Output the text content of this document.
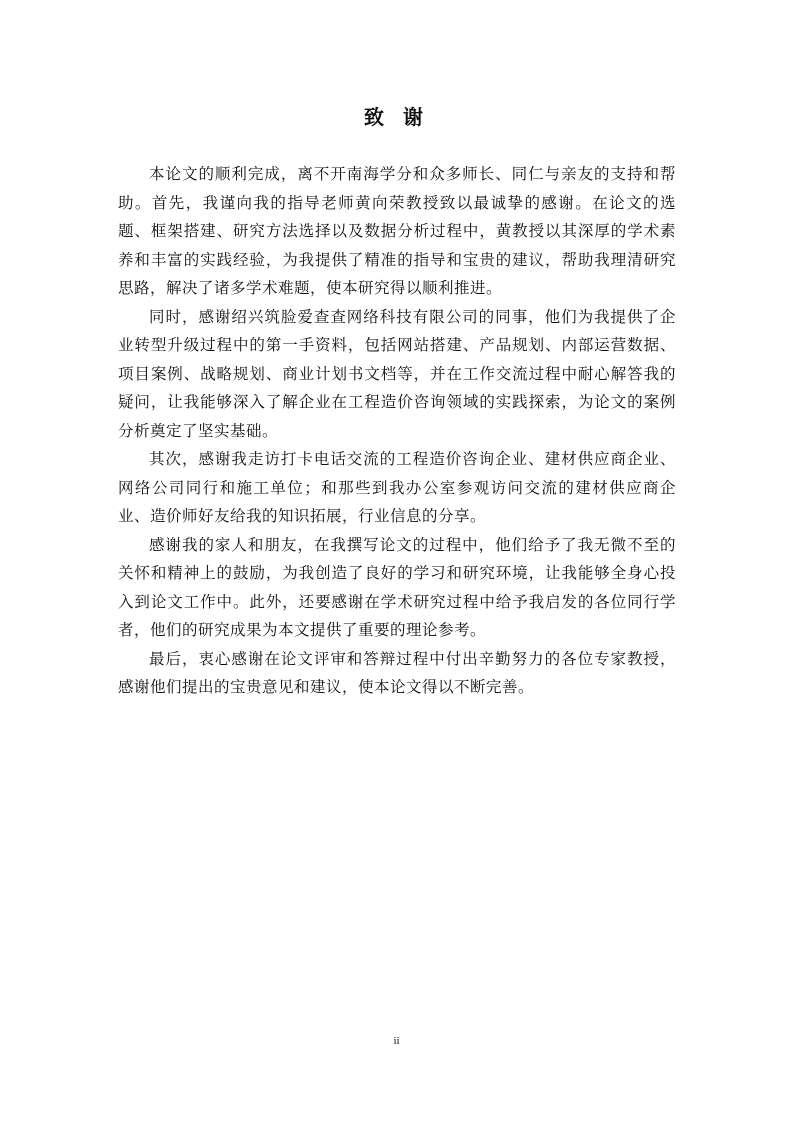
致 谢

本论文的顺利完成，离不开南海学分和众多师长、同仁与亲友的支持和帮助。首先，我谨向我的指导老师黄向荣教授致以最诚挚的感谢。在论文的选题、框架搭建、研究方法选择以及数据分析过程中，黄教授以其深厚的学术素养和丰富的实践经验，为我提供了精准的指导和宝贵的建议，帮助我理清研究思路，解决了诸多学术难题，使本研究得以顺利推进。

同时，感谢绍兴筑脸爱查查网络科技有限公司的同事，他们为我提供了企业转型升级过程中的第一手资料，包括网站搭建、产品规划、内部运营数据、项目案例、战略规划、商业计划书文档等，并在工作交流过程中耐心解答我的疑问，让我能够深入了解企业在工程造价咨询领域的实践探索，为论文的案例分析奠定了坚实基础。

其次，感谢我走访打卡电话交流的工程造价咨询企业、建材供应商企业、网络公司同行和施工单位；和那些到我办公室参观访问交流的建材供应商企业、造价师好友给我的知识拓展，行业信息的分享。

感谢我的家人和朋友，在我撰写论文的过程中，他们给予了我无微不至的关怀和精神上的鼓励，为我创造了良好的学习和研究环境，让我能够全身心投入到论文工作中。此外，还要感谢在学术研究过程中给予我启发的各位同行学者，他们的研究成果为本文提供了重要的理论参考。

最后，衷心感谢在论文评审和答辩过程中付出辛勤努力的各位专家教授，感谢他们提出的宝贵意见和建议，使本论文得以不断完善。

ii
